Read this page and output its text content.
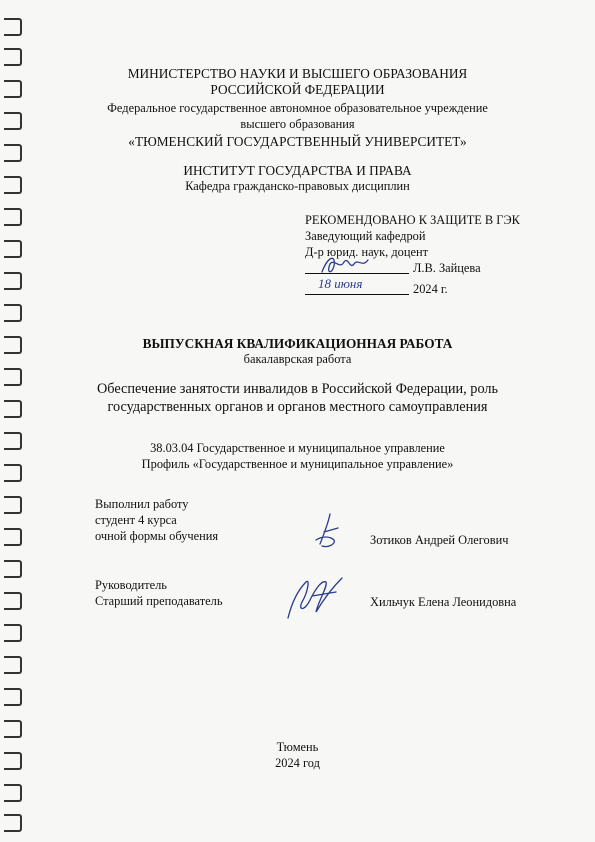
МИНИСТЕРСТВО НАУКИ И ВЫСШЕГО ОБРАЗОВАНИЯ
РОССИЙСКОЙ ФЕДЕРАЦИИ
Федеральное государственное автономное образовательное учреждение
высшего образования
«ТЮМЕНСКИЙ ГОСУДАРСТВЕННЫЙ УНИВЕРСИТЕТ»
ИНСТИТУТ ГОСУДАРСТВА И ПРАВА
Кафедра гражданско-правовых дисциплин
РЕКОМЕНДОВАНО К ЗАЩИТЕ В ГЭК
Заведующий кафедрой
Д-р юрид. наук, доцент
Л.В. Зайцева
18 июня	2024 г.
ВЫПУСКНАЯ КВАЛИФИКАЦИОННАЯ РАБОТА
бакалаврская работа
Обеспечение занятости инвалидов в Российской Федерации, роль
государственных органов и органов местного самоуправления
38.03.04 Государственное и муниципальное управление
Профиль «Государственное и муниципальное управление»
Выполнил работу
студент 4 курса
очной формы обучения	Зотиков Андрей Олегович
Руководитель
Старший преподаватель	Хильчук Елена Леонидовна
Тюмень
2024 год
